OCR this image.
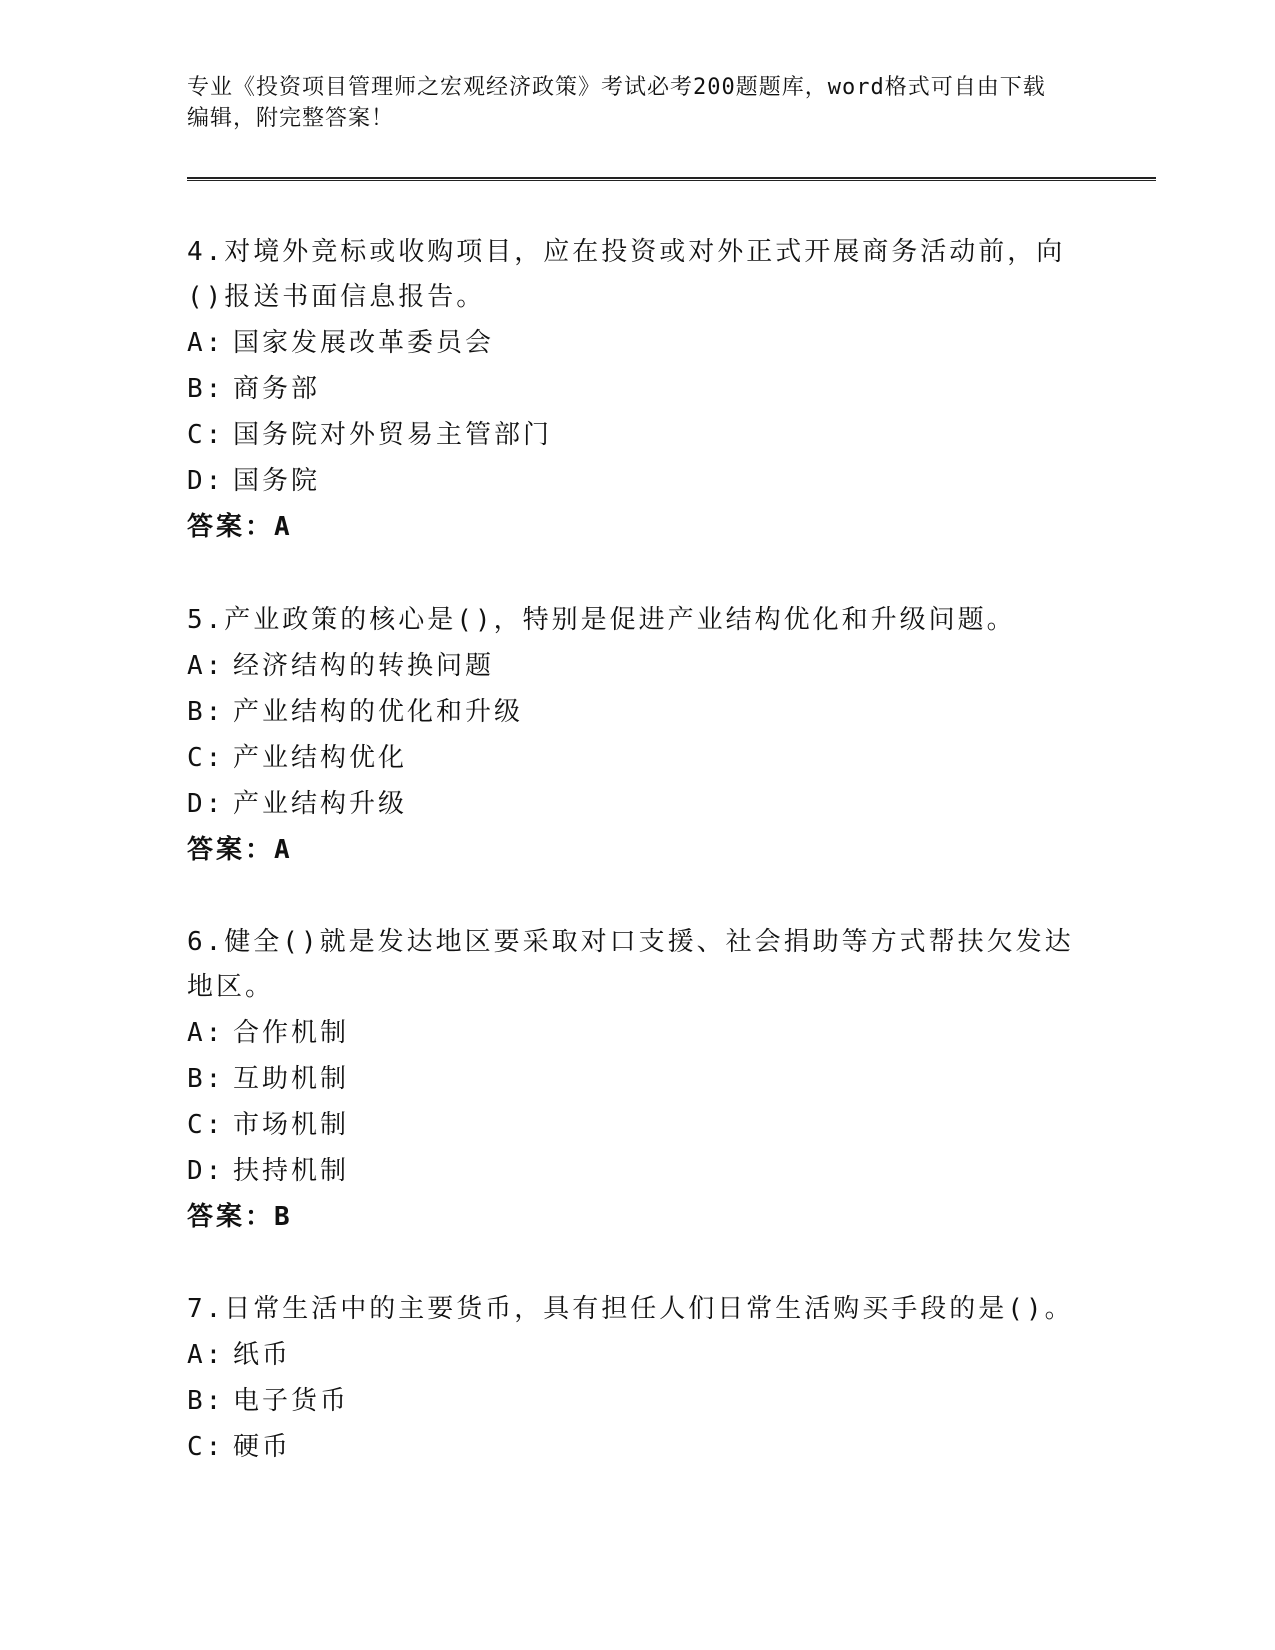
专业《投资项目管理师之宏观经济政策》考试必考200题题库，word格式可自由下载编辑，附完整答案！
4.对境外竞标或收购项目，应在投资或对外正式开展商务活动前，向()报送书面信息报告。
A: 国家发展改革委员会
B: 商务部
C: 国务院对外贸易主管部门
D: 国务院
答案：A
5.产业政策的核心是()，特别是促进产业结构优化和升级问题。
A: 经济结构的转换问题
B: 产业结构的优化和升级
C: 产业结构优化
D: 产业结构升级
答案：A
6.健全()就是发达地区要采取对口支援、社会捐助等方式帮扶欠发达地区。
A: 合作机制
B: 互助机制
C: 市场机制
D: 扶持机制
答案：B
7.日常生活中的主要货币，具有担任人们日常生活购买手段的是()。
A: 纸币
B: 电子货币
C: 硬币
